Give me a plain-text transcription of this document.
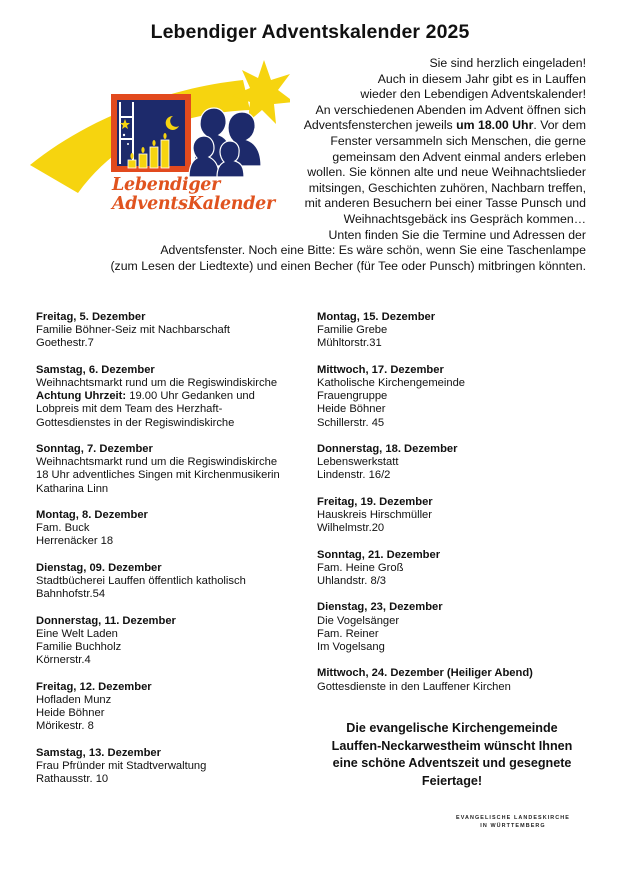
Lebendiger Adventskalender 2025
Lebendiger
AdventsKalender

Sie sind herzlich eingeladen!

Auch in diesem Jahr gibt es in Lauffen

wieder den Lebendigen Adventskalender!

An verschiedenen Abenden im Advent öffnen sich

Adventsfensterchen jeweils um 18.00 Uhr. Vor dem

Fenster versammeln sich Menschen, die gerne

gemeinsam den Advent einmal anders erleben

wollen. Sie können alte und neue Weihnachtslieder

mitsingen, Geschichten zuhören, Nachbarn treffen,

mit anderen Besuchern bei einer Tasse Punsch und

Weihnachtsgebäck ins Gespräch kommen…

Unten finden Sie die Termine und Adressen der

Adventsfenster. Noch eine Bitte: Es wäre schön, wenn Sie eine Taschenlampe

(zum Lesen der Liedtexte) und einen Becher (für Tee oder Punsch) mitbringen könnten.

Freitag, 5. Dezember
Familie Böhner-Seiz mit Nachbarschaft
Goethestr.7
Samstag, 6. Dezember
Weihnachtsmarkt rund um die Regiswindiskirche
Achtung Uhrzeit: 19.00 Uhr Gedanken und
Lobpreis mit dem Team des Herzhaft-
Gottesdienstes in der Regiswindiskirche
Sonntag, 7. Dezember
Weihnachtsmarkt rund um die Regiswindiskirche
18 Uhr adventliches Singen mit Kirchenmusikerin
Katharina Linn
Montag, 8. Dezember
Fam. Buck
Herrenäcker 18
Dienstag, 09. Dezember
Stadtbücherei Lauffen öffentlich katholisch
Bahnhofstr.54
Donnerstag, 11. Dezember
Eine Welt Laden
Familie Buchholz
Körnerstr.4
Freitag, 12. Dezember
Hofladen Munz
Heide Böhner
Mörikestr. 8
Samstag, 13. Dezember
Frau Pfründer mit Stadtverwaltung
Rathausstr. 10
Montag, 15. Dezember
Familie Grebe
Mühltorstr.31
Mittwoch, 17. Dezember
Katholische Kirchengemeinde
Frauengruppe
Heide Böhner
Schillerstr. 45
Donnerstag, 18. Dezember
Lebenswerkstatt
Lindenstr. 16/2
Freitag, 19. Dezember
Hauskreis Hirschmüller
Wilhelmstr.20
Sonntag, 21. Dezember
Fam. Heine Groß
Uhlandstr. 8/3
Dienstag, 23, Dezember
Die Vogelsänger
Fam. Reiner
Im Vogelsang
Mittwoch, 24. Dezember (Heiliger Abend)
Gottesdienste in den Lauffener Kirchen
Die evangelische Kirchengemeinde
Lauffen-Neckarwestheim wünscht Ihnen
eine schöne Adventszeit und gesegnete
Feiertage!
EVANGELISCHE LANDESKIRCHE
IN WÜRTTEMBERG
